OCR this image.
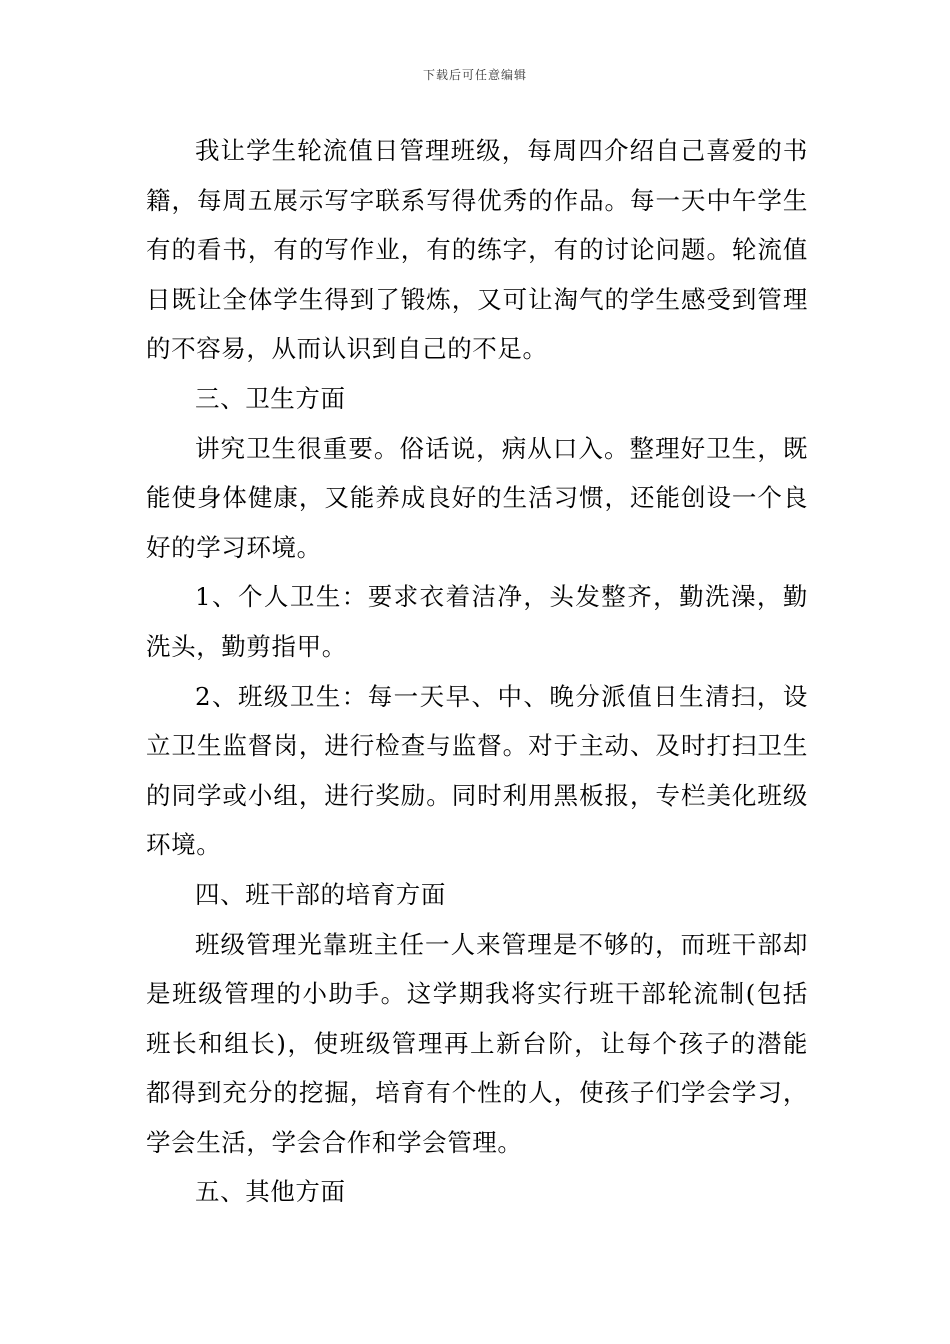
下载后可任意编辑

我让学生轮流值日管理班级，每周四介绍自己喜爱的书籍，每周五展示写字联系写得优秀的作品。每一天中午学生有的看书，有的写作业，有的练字，有的讨论问题。轮流值日既让全体学生得到了锻炼，又可让淘气的学生感受到管理的不容易，从而认识到自己的不足。

三、卫生方面

讲究卫生很重要。俗话说，病从口入。整理好卫生，既能使身体健康，又能养成良好的生活习惯，还能创设一个良好的学习环境。

1、个人卫生：要求衣着洁净，头发整齐，勤洗澡，勤洗头，勤剪指甲。

2、班级卫生：每一天早、中、晚分派值日生清扫，设立卫生监督岗，进行检查与监督。对于主动、及时打扫卫生的同学或小组，进行奖励。同时利用黑板报，专栏美化班级环境。

四、班干部的培育方面

班级管理光靠班主任一人来管理是不够的，而班干部却是班级管理的小助手。这学期我将实行班干部轮流制(包括班长和组长)，使班级管理再上新台阶，让每个孩子的潜能都得到充分的挖掘，培育有个性的人，使孩子们学会学习，学会生活，学会合作和学会管理。

五、其他方面
